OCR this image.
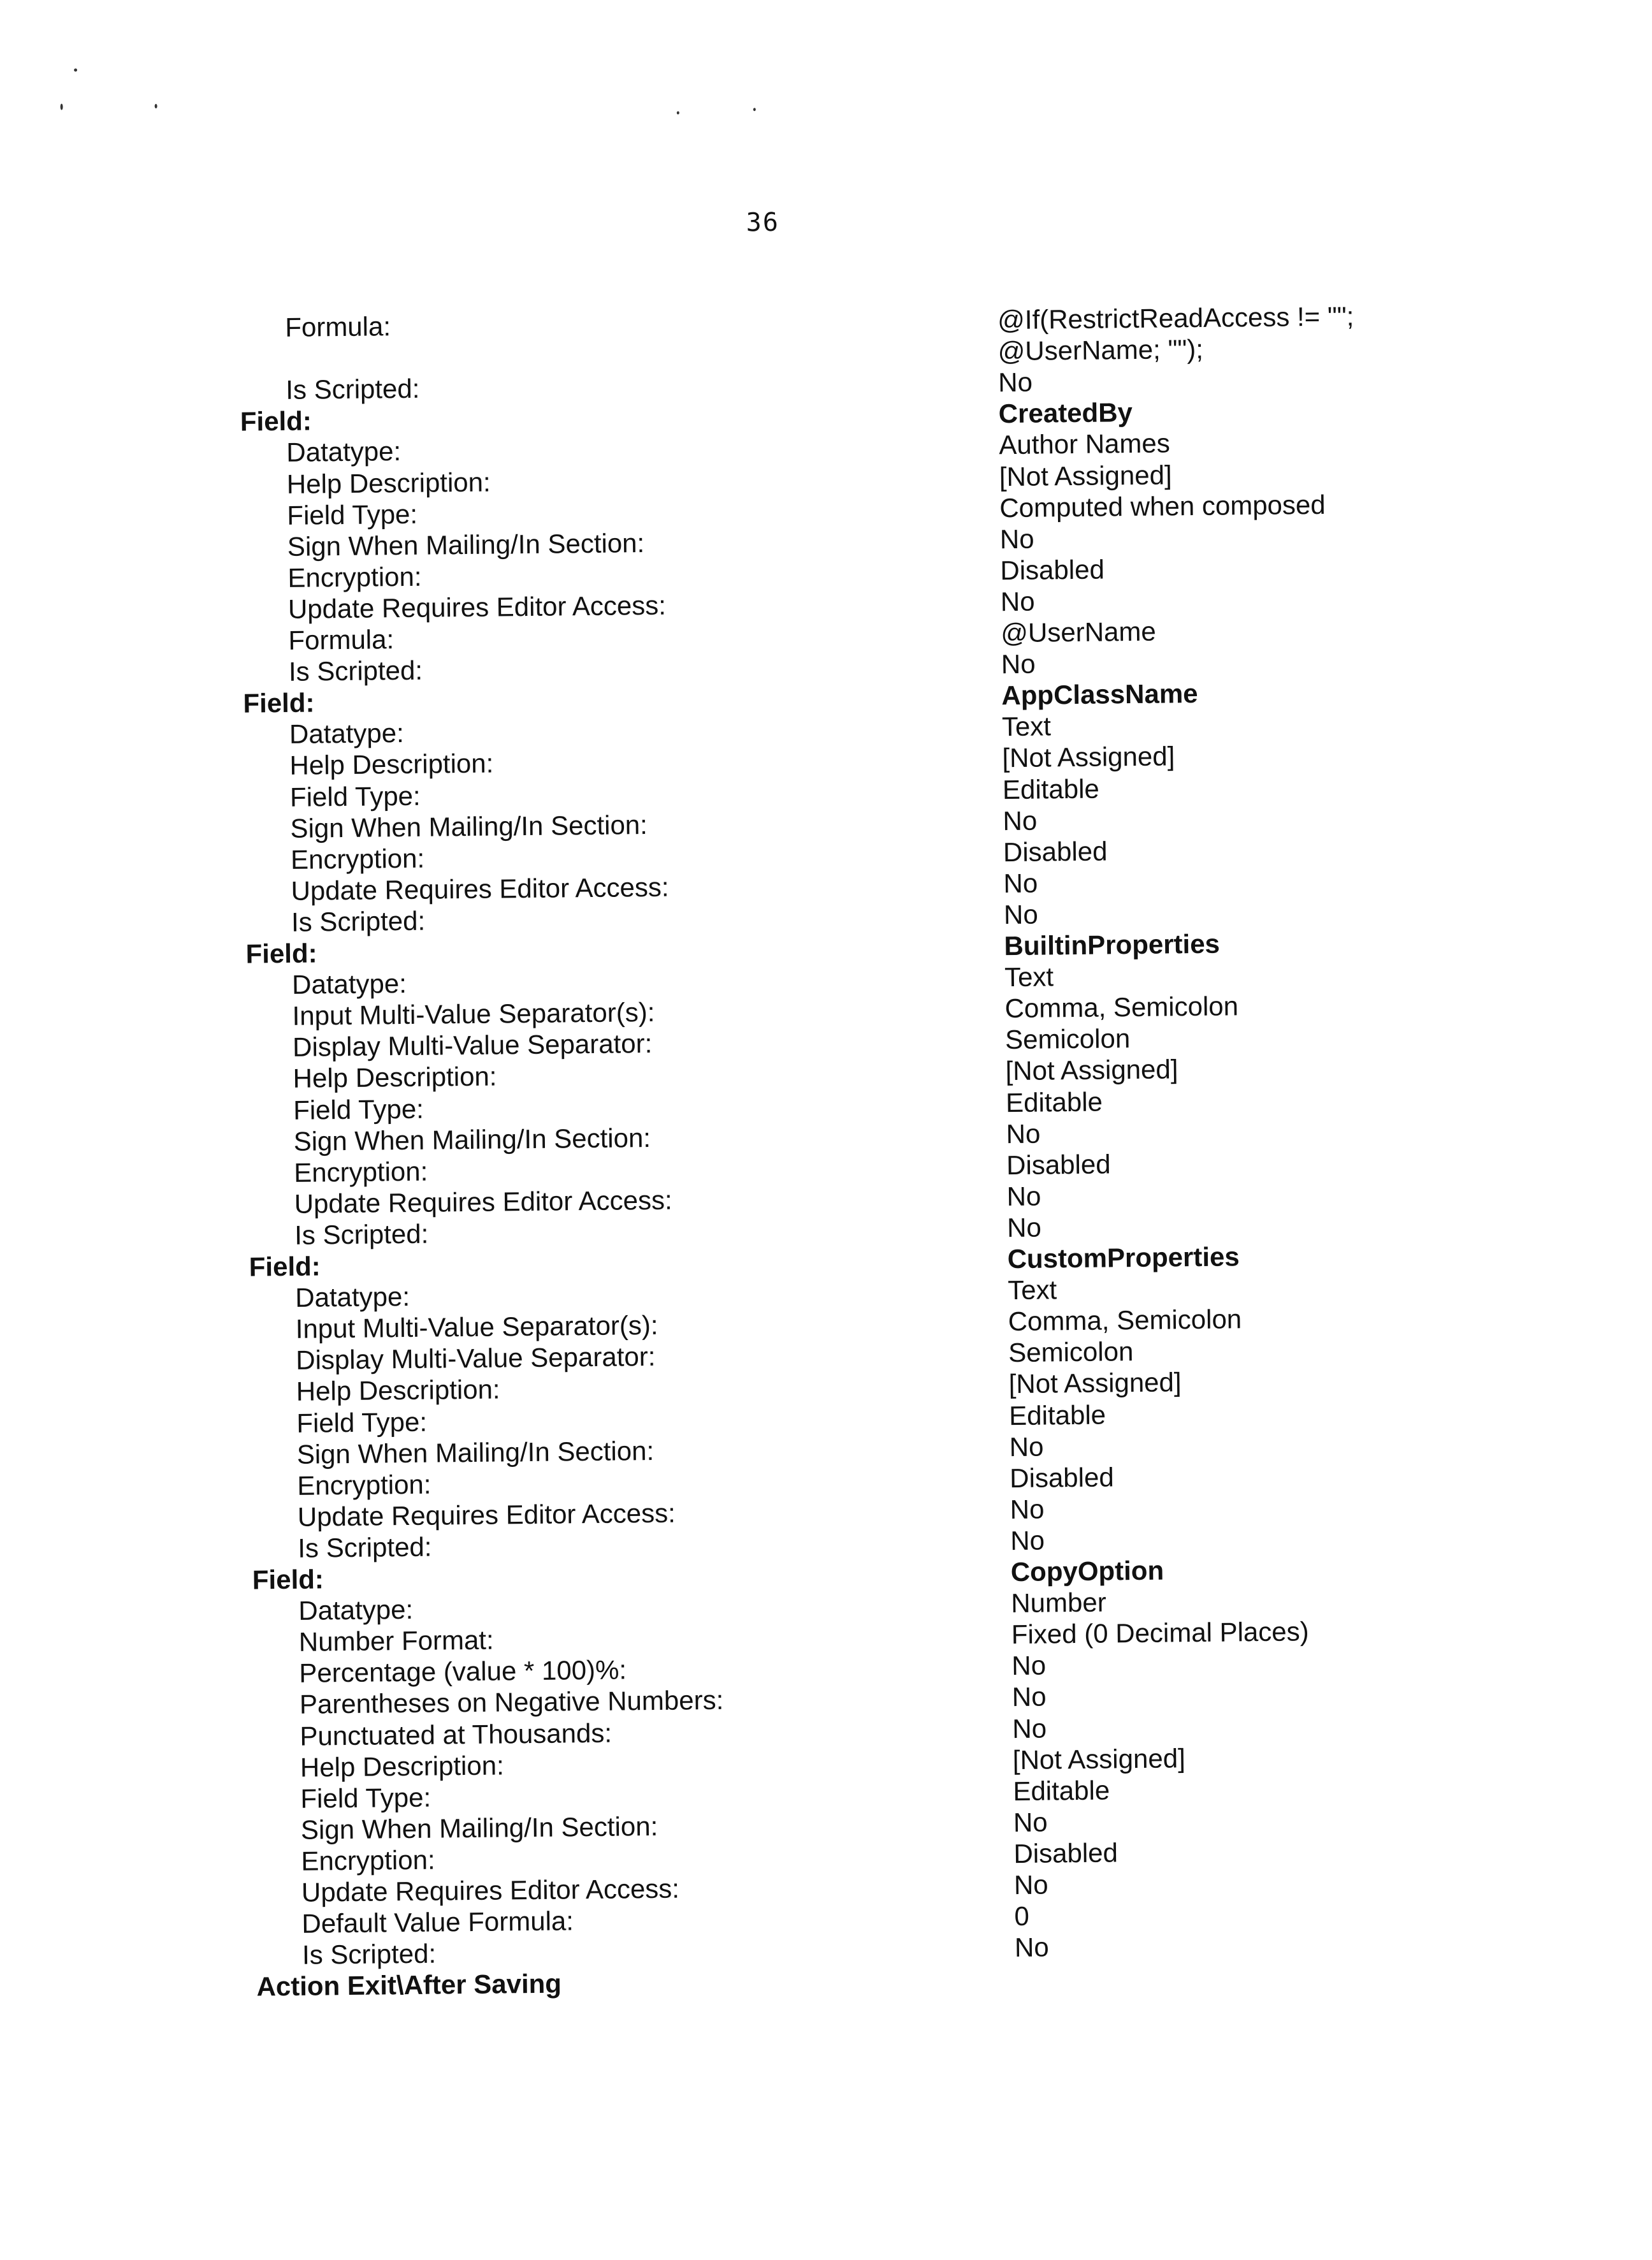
36
Formula:	@If(RestrictReadAccess != "";
@UserName; "");
Is Scripted:	No
Field:	CreatedBy
Datatype:	Author Names
Help Description:	[Not Assigned]
Field Type:	Computed when composed
Sign When Mailing/In Section:	No
Encryption:	Disabled
Update Requires Editor Access:	No
Formula:	@UserName
Is Scripted:	No
Field:	AppClassName
Datatype:	Text
Help Description:	[Not Assigned]
Field Type:	Editable
Sign When Mailing/In Section:	No
Encryption:	Disabled
Update Requires Editor Access:	No
Is Scripted:	No
Field:	BuiltinProperties
Datatype:	Text
Input Multi-Value Separator(s):	Comma, Semicolon
Display Multi-Value Separator:	Semicolon
Help Description:	[Not Assigned]
Field Type:	Editable
Sign When Mailing/In Section:	No
Encryption:	Disabled
Update Requires Editor Access:	No
Is Scripted:	No
Field:	CustomProperties
Datatype:	Text
Input Multi-Value Separator(s):	Comma, Semicolon
Display Multi-Value Separator:	Semicolon
Help Description:	[Not Assigned]
Field Type:	Editable
Sign When Mailing/In Section:	No
Encryption:	Disabled
Update Requires Editor Access:	No
Is Scripted:	No
Field:	CopyOption
Datatype:	Number
Number Format:	Fixed (0 Decimal Places)
Percentage (value * 100)%:	No
Parentheses on Negative Numbers:	No
Punctuated at Thousands:	No
Help Description:	[Not Assigned]
Field Type:	Editable
Sign When Mailing/In Section:	No
Encryption:	Disabled
Update Requires Editor Access:	No
Default Value Formula:	0
Is Scripted:	No
Action Exit\After Saving
